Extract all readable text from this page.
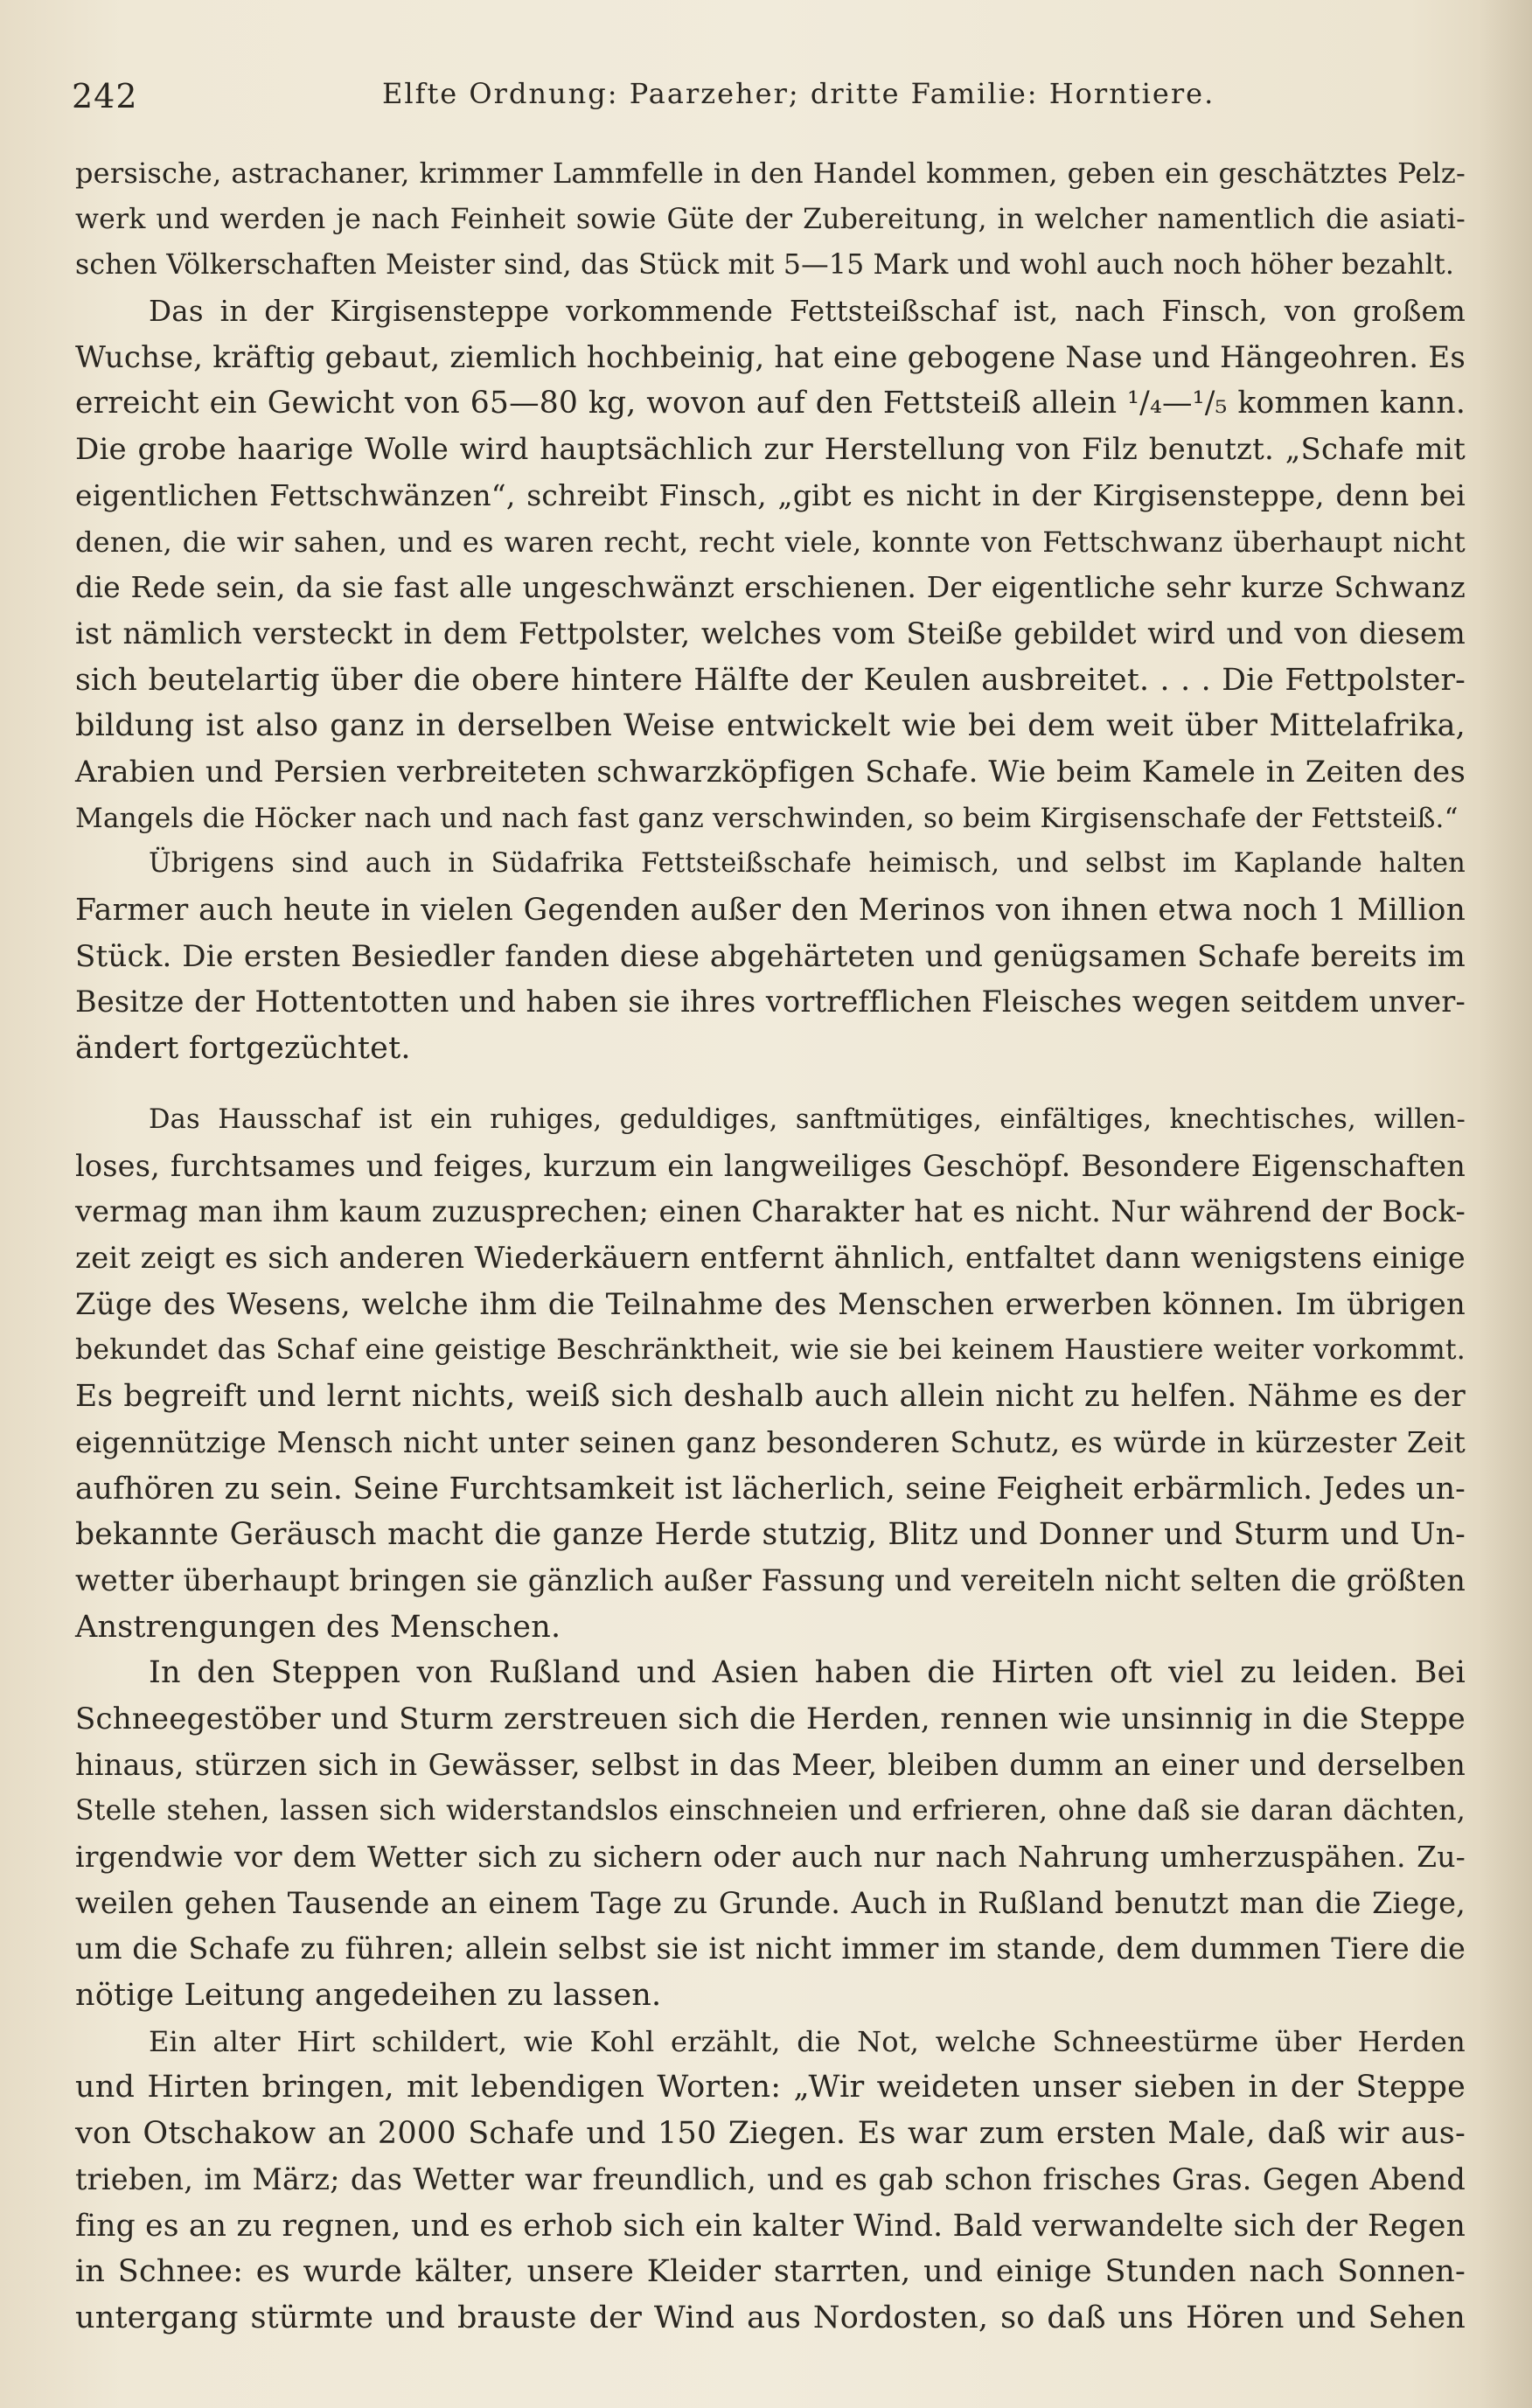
242	Elfte Ordnung: Paarzeher; dritte Familie: Horntiere.
persische, astrachaner, krimmer Lammfelle in den Handel kommen, geben ein geschätztes Pelz-
werk und werden je nach Feinheit sowie Güte der Zubereitung, in welcher namentlich die asiati-
schen Völkerschaften Meister sind, das Stück mit 5—15 Mark und wohl auch noch höher bezahlt.
Das in der Kirgisensteppe vorkommende Fettsteißschaf ist, nach Finsch, von großem
Wuchse, kräftig gebaut, ziemlich hochbeinig, hat eine gebogene Nase und Hängeohren. Es
erreicht ein Gewicht von 65—80 kg, wovon auf den Fettsteiß allein ¹/₄—¹/₅ kommen kann.
Die grobe haarige Wolle wird hauptsächlich zur Herstellung von Filz benutzt. „Schafe mit
eigentlichen Fettschwänzen“, schreibt Finsch, „gibt es nicht in der Kirgisensteppe, denn bei
denen, die wir sahen, und es waren recht, recht viele, konnte von Fettschwanz überhaupt nicht
die Rede sein, da sie fast alle ungeschwänzt erschienen. Der eigentliche sehr kurze Schwanz
ist nämlich versteckt in dem Fettpolster, welches vom Steiße gebildet wird und von diesem
sich beutelartig über die obere hintere Hälfte der Keulen ausbreitet. . . . Die Fettpolster-
bildung ist also ganz in derselben Weise entwickelt wie bei dem weit über Mittelafrika,
Arabien und Persien verbreiteten schwarzköpfigen Schafe. Wie beim Kamele in Zeiten des
Mangels die Höcker nach und nach fast ganz verschwinden, so beim Kirgisenschafe der Fettsteiß.“
Übrigens sind auch in Südafrika Fettsteißschafe heimisch, und selbst im Kaplande halten
Farmer auch heute in vielen Gegenden außer den Merinos von ihnen etwa noch 1 Million
Stück. Die ersten Besiedler fanden diese abgehärteten und genügsamen Schafe bereits im
Besitze der Hottentotten und haben sie ihres vortrefflichen Fleisches wegen seitdem unver-
ändert fortgezüchtet.
Das Hausschaf ist ein ruhiges, geduldiges, sanftmütiges, einfältiges, knechtisches, willen-
loses, furchtsames und feiges, kurzum ein langweiliges Geschöpf. Besondere Eigenschaften
vermag man ihm kaum zuzusprechen; einen Charakter hat es nicht. Nur während der Bock-
zeit zeigt es sich anderen Wiederkäuern entfernt ähnlich, entfaltet dann wenigstens einige
Züge des Wesens, welche ihm die Teilnahme des Menschen erwerben können. Im übrigen
bekundet das Schaf eine geistige Beschränktheit, wie sie bei keinem Haustiere weiter vorkommt.
Es begreift und lernt nichts, weiß sich deshalb auch allein nicht zu helfen. Nähme es der
eigennützige Mensch nicht unter seinen ganz besonderen Schutz, es würde in kürzester Zeit
aufhören zu sein. Seine Furchtsamkeit ist lächerlich, seine Feigheit erbärmlich. Jedes un-
bekannte Geräusch macht die ganze Herde stutzig, Blitz und Donner und Sturm und Un-
wetter überhaupt bringen sie gänzlich außer Fassung und vereiteln nicht selten die größten
Anstrengungen des Menschen.
In den Steppen von Rußland und Asien haben die Hirten oft viel zu leiden. Bei
Schneegestöber und Sturm zerstreuen sich die Herden, rennen wie unsinnig in die Steppe
hinaus, stürzen sich in Gewässer, selbst in das Meer, bleiben dumm an einer und derselben
Stelle stehen, lassen sich widerstandslos einschneien und erfrieren, ohne daß sie daran dächten,
irgendwie vor dem Wetter sich zu sichern oder auch nur nach Nahrung umherzuspähen. Zu-
weilen gehen Tausende an einem Tage zu Grunde. Auch in Rußland benutzt man die Ziege,
um die Schafe zu führen; allein selbst sie ist nicht immer im stande, dem dummen Tiere die
nötige Leitung angedeihen zu lassen.
Ein alter Hirt schildert, wie Kohl erzählt, die Not, welche Schneestürme über Herden
und Hirten bringen, mit lebendigen Worten: „Wir weideten unser sieben in der Steppe
von Otschakow an 2000 Schafe und 150 Ziegen. Es war zum ersten Male, daß wir aus-
trieben, im März; das Wetter war freundlich, und es gab schon frisches Gras. Gegen Abend
fing es an zu regnen, und es erhob sich ein kalter Wind. Bald verwandelte sich der Regen
in Schnee: es wurde kälter, unsere Kleider starrten, und einige Stunden nach Sonnen-
untergang stürmte und brauste der Wind aus Nordosten, so daß uns Hören und Sehen
